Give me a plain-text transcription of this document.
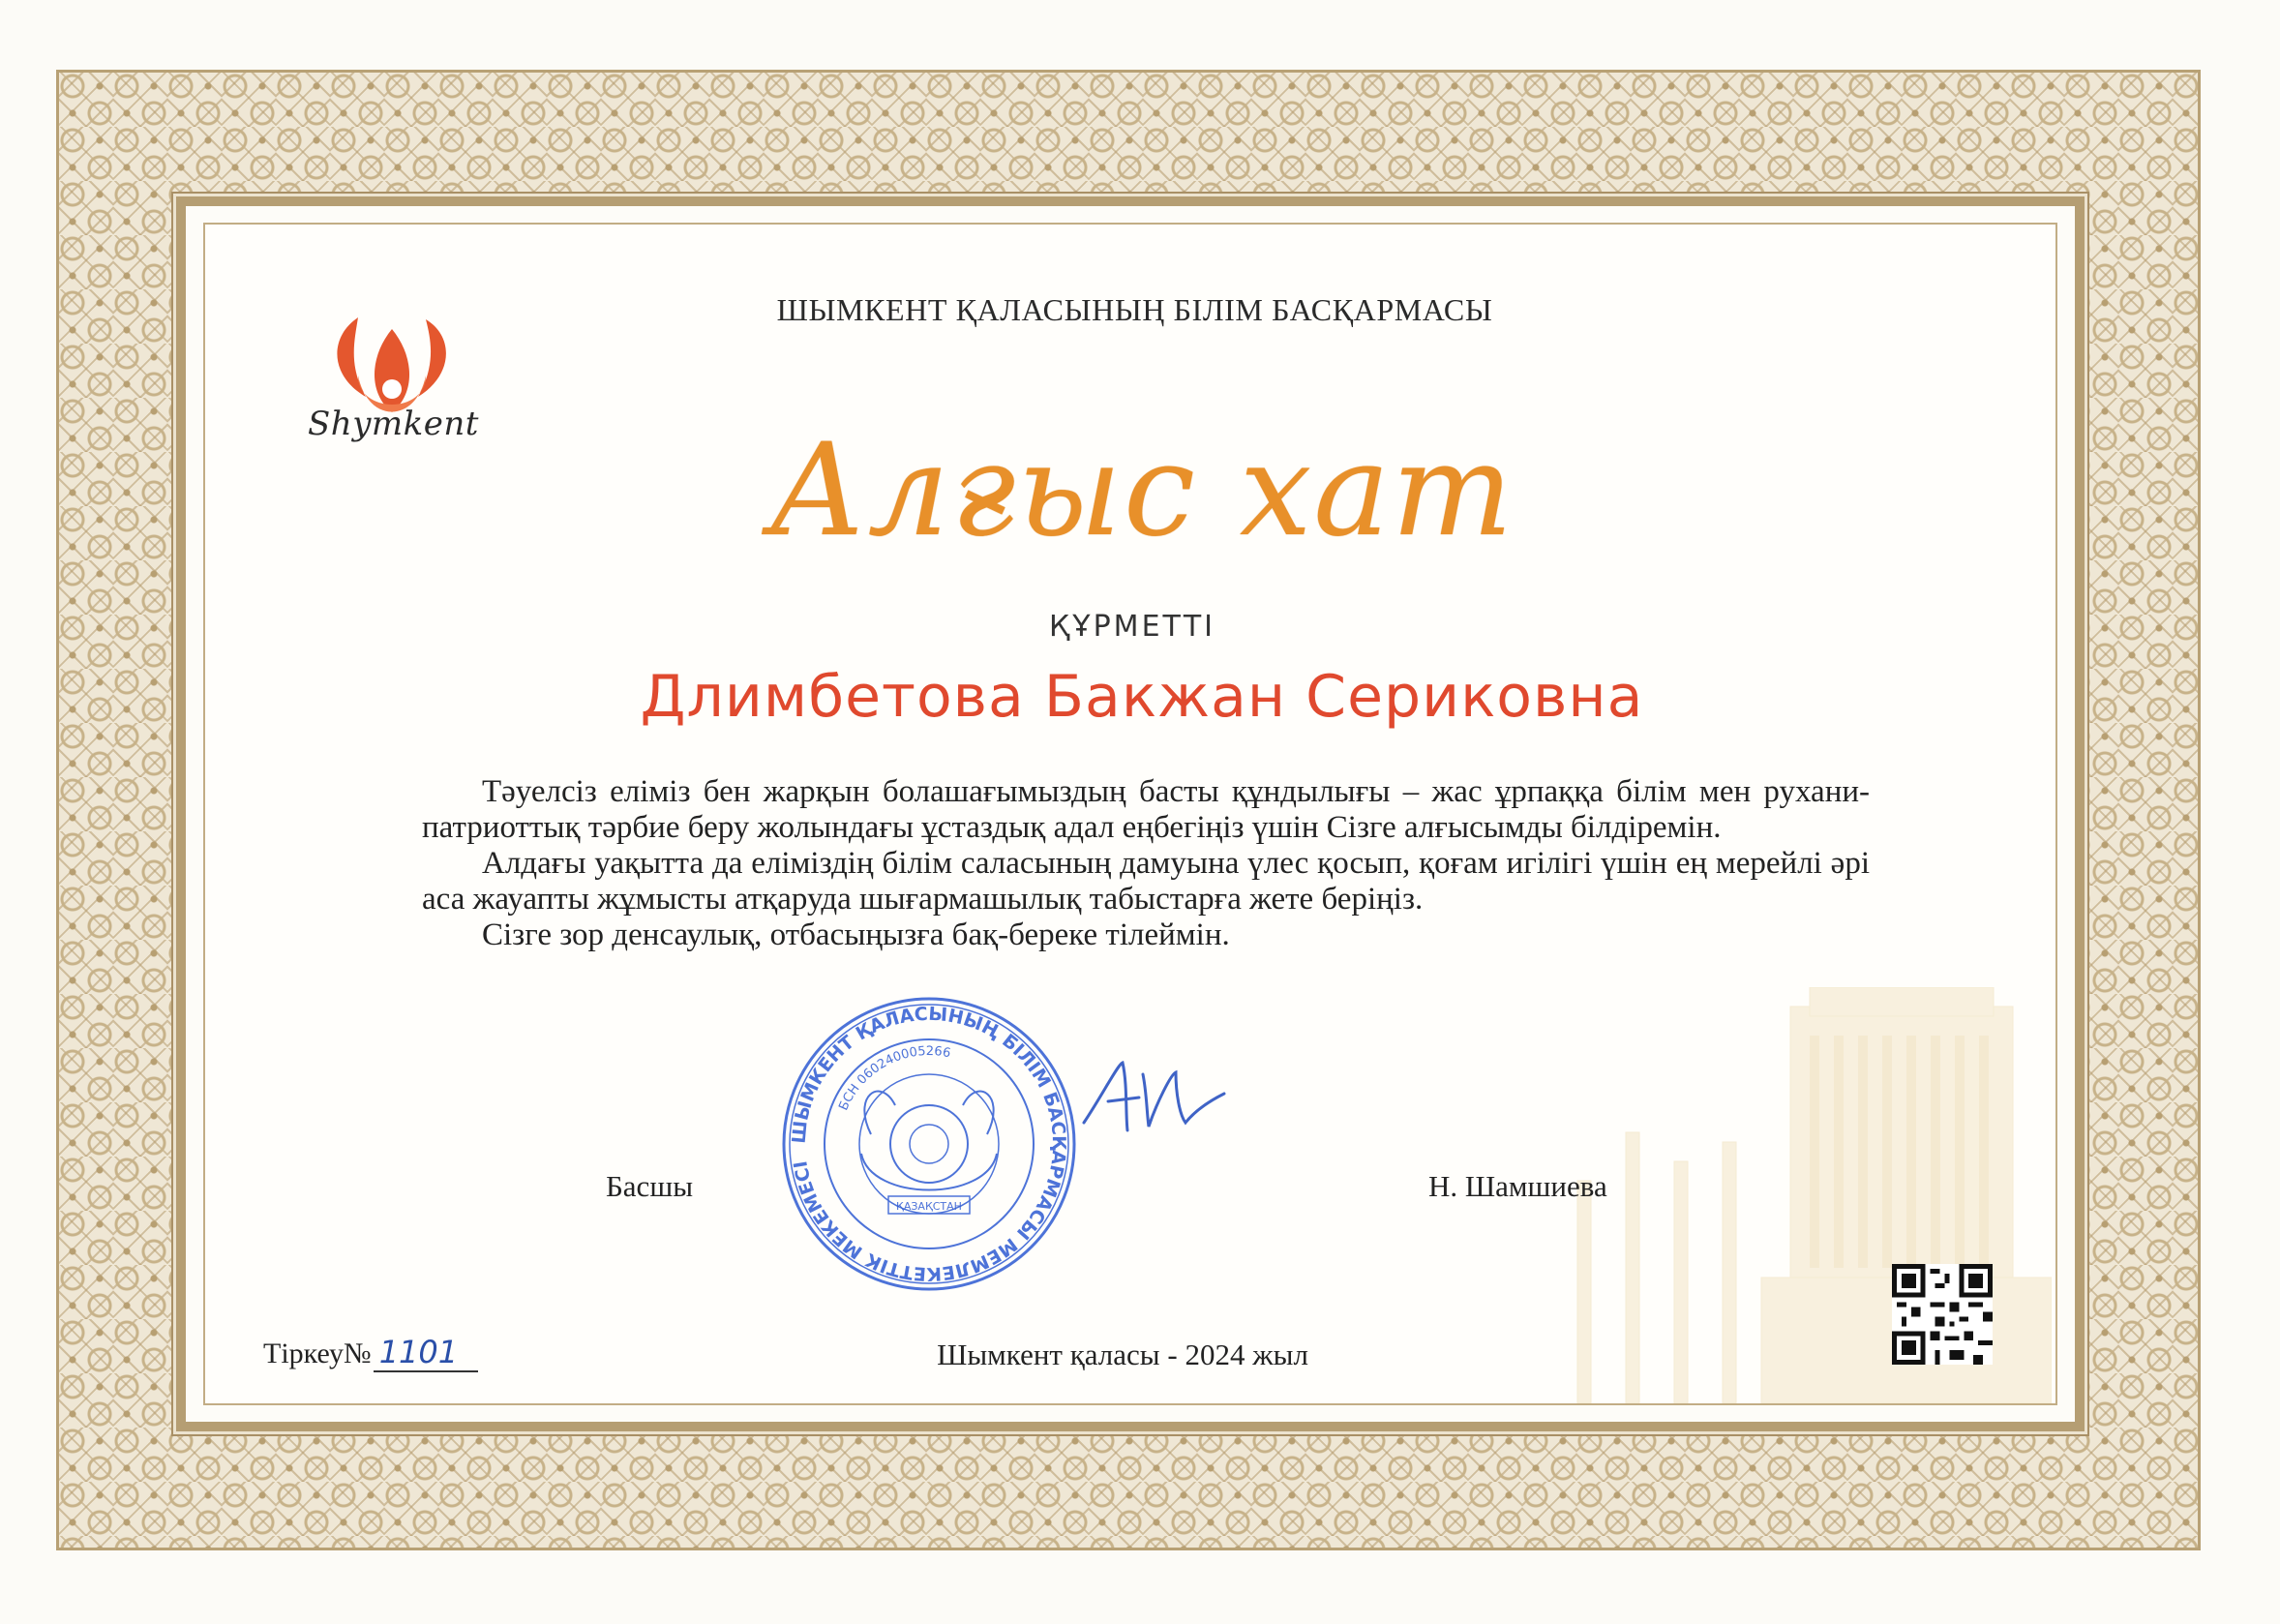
Shymkent
ШЫМКЕНТ ҚАЛАСЫНЫҢ БІЛІМ БАСҚАРМАСЫ
Алғыс хат
ҚҰРМЕТТІ
Длимбетова Бакжан Сериковна

Тәуелсіз еліміз бен жарқын болашағымыздың басты құндылығы – жас ұрпаққа білім мен рухани-патриоттық тәрбие беру жолындағы ұстаздық адал еңбегіңіз үшін Сізге алғысымды білдіремін.

Алдағы уақытта да еліміздің білім саласының дамуына үлес қосып, қоғам игілігі үшін ең мерейлі әрі аса жауапты жұмысты атқаруда шығармашылық табыстарға жете беріңіз.

Сізге зор денсаулық, отбасыңызға бақ-береке тілеймін.

ШЫМКЕНТ ҚАЛАСЫНЫҢ БІЛІМ БАСҚАРМАСЫ МЕМЛЕКЕТТІК МЕКЕМЕСІ
БСН 060240005266
ҚАЗАҚСТАН
Басшы	Н. Шамшиева
Тіркеу№ 1101	Шымкент қаласы - 2024 жыл
